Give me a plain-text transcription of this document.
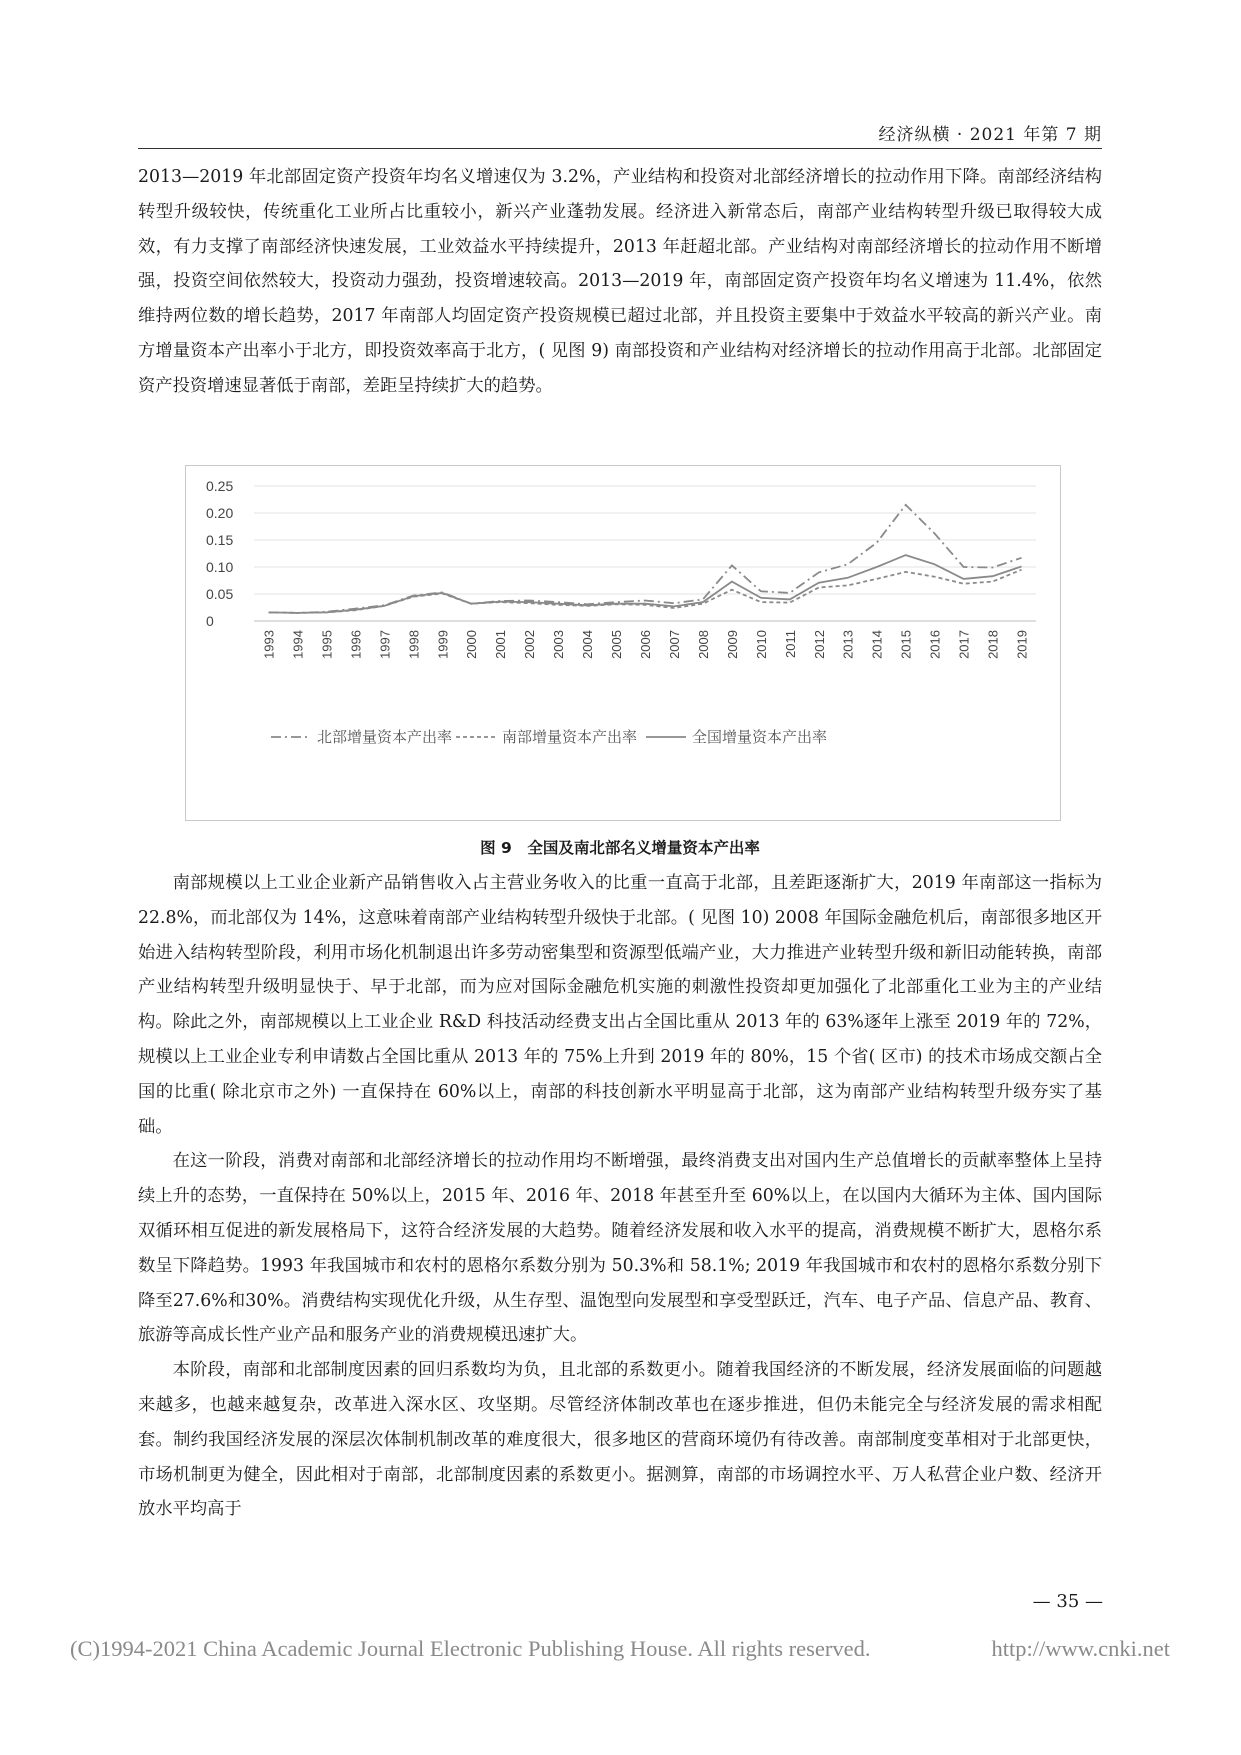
经济纵横 · 2021 年第 7 期

2013—2019 年北部固定资产投资年均名义增速仅为 3.2%，产业结构和投资对北部经济增长的拉动作用下降。南部经济结构转型升级较快，传统重化工业所占比重较小，新兴产业蓬勃发展。经济进入新常态后，南部产业结构转型升级已取得较大成效，有力支撑了南部经济快速发展，工业效益水平持续提升，2013 年赶超北部。产业结构对南部经济增长的拉动作用不断增强，投资空间依然较大，投资动力强劲，投资增速较高。2013—2019 年，南部固定资产投资年均名义增速为 11.4%，依然维持两位数的增长趋势，2017 年南部人均固定资产投资规模已超过北部，并且投资主要集中于效益水平较高的新兴产业。南方增量资本产出率小于北方，即投资效率高于北方，( 见图 9) 南部投资和产业结构对经济增长的拉动作用高于北部。北部固定资产投资增速显著低于南部，差距呈持续扩大的趋势。

0
0.05
0.10
0.15
0.20
0.25
1993 1994 1995 1996 1997 1998 1999 2000 2001 2002 2003 2004 2005 2006 2007 2008 2009 2010 2011 2012 2013 2014 2015 2016 2017 2018 2019
北部增量资本产出率	南部增量资本产出率	全国增量资本产出率
图 9　全国及南北部名义增量资本产出率

南部规模以上工业企业新产品销售收入占主营业务收入的比重一直高于北部，且差距逐渐扩大，2019 年南部这一指标为 22.8%，而北部仅为 14%，这意味着南部产业结构转型升级快于北部。( 见图 10) 2008 年国际金融危机后，南部很多地区开始进入结构转型阶段，利用市场化机制退出许多劳动密集型和资源型低端产业，大力推进产业转型升级和新旧动能转换，南部产业结构转型升级明显快于、早于北部，而为应对国际金融危机实施的刺激性投资却更加强化了北部重化工业为主的产业结构。除此之外，南部规模以上工业企业 R&D 科技活动经费支出占全国比重从 2013 年的 63%逐年上涨至 2019 年的 72%，规模以上工业企业专利申请数占全国比重从 2013 年的 75%上升到 2019 年的 80%，15 个省( 区市) 的技术市场成交额占全国的比重( 除北京市之外) 一直保持在 60%以上，南部的科技创新水平明显高于北部，这为南部产业结构转型升级夯实了基础。

在这一阶段，消费对南部和北部经济增长的拉动作用均不断增强，最终消费支出对国内生产总值增长的贡献率整体上呈持续上升的态势，一直保持在 50%以上，2015 年、2016 年、2018 年甚至升至 60%以上，在以国内大循环为主体、国内国际双循环相互促进的新发展格局下，这符合经济发展的大趋势。随着经济发展和收入水平的提高，消费规模不断扩大，恩格尔系数呈下降趋势。1993 年我国城市和农村的恩格尔系数分别为 50.3%和 58.1%; 2019 年我国城市和农村的恩格尔系数分别下降至27.6%和30%。消费结构实现优化升级，从生存型、温饱型向发展型和享受型跃迁，汽车、电子产品、信息产品、教育、旅游等高成长性产业产品和服务产业的消费规模迅速扩大。

本阶段，南部和北部制度因素的回归系数均为负，且北部的系数更小。随着我国经济的不断发展，经济发展面临的问题越来越多，也越来越复杂，改革进入深水区、攻坚期。尽管经济体制改革也在逐步推进，但仍未能完全与经济发展的需求相配套。制约我国经济发展的深层次体制机制改革的难度很大，很多地区的营商环境仍有待改善。南部制度变革相对于北部更快，市场机制更为健全，因此相对于南部，北部制度因素的系数更小。据测算，南部的市场调控水平、万人私营企业户数、经济开放水平均高于

— 35 —
(C)1994-2021 China Academic Journal Electronic Publishing House. All rights reserved.	http://www.cnki.net
